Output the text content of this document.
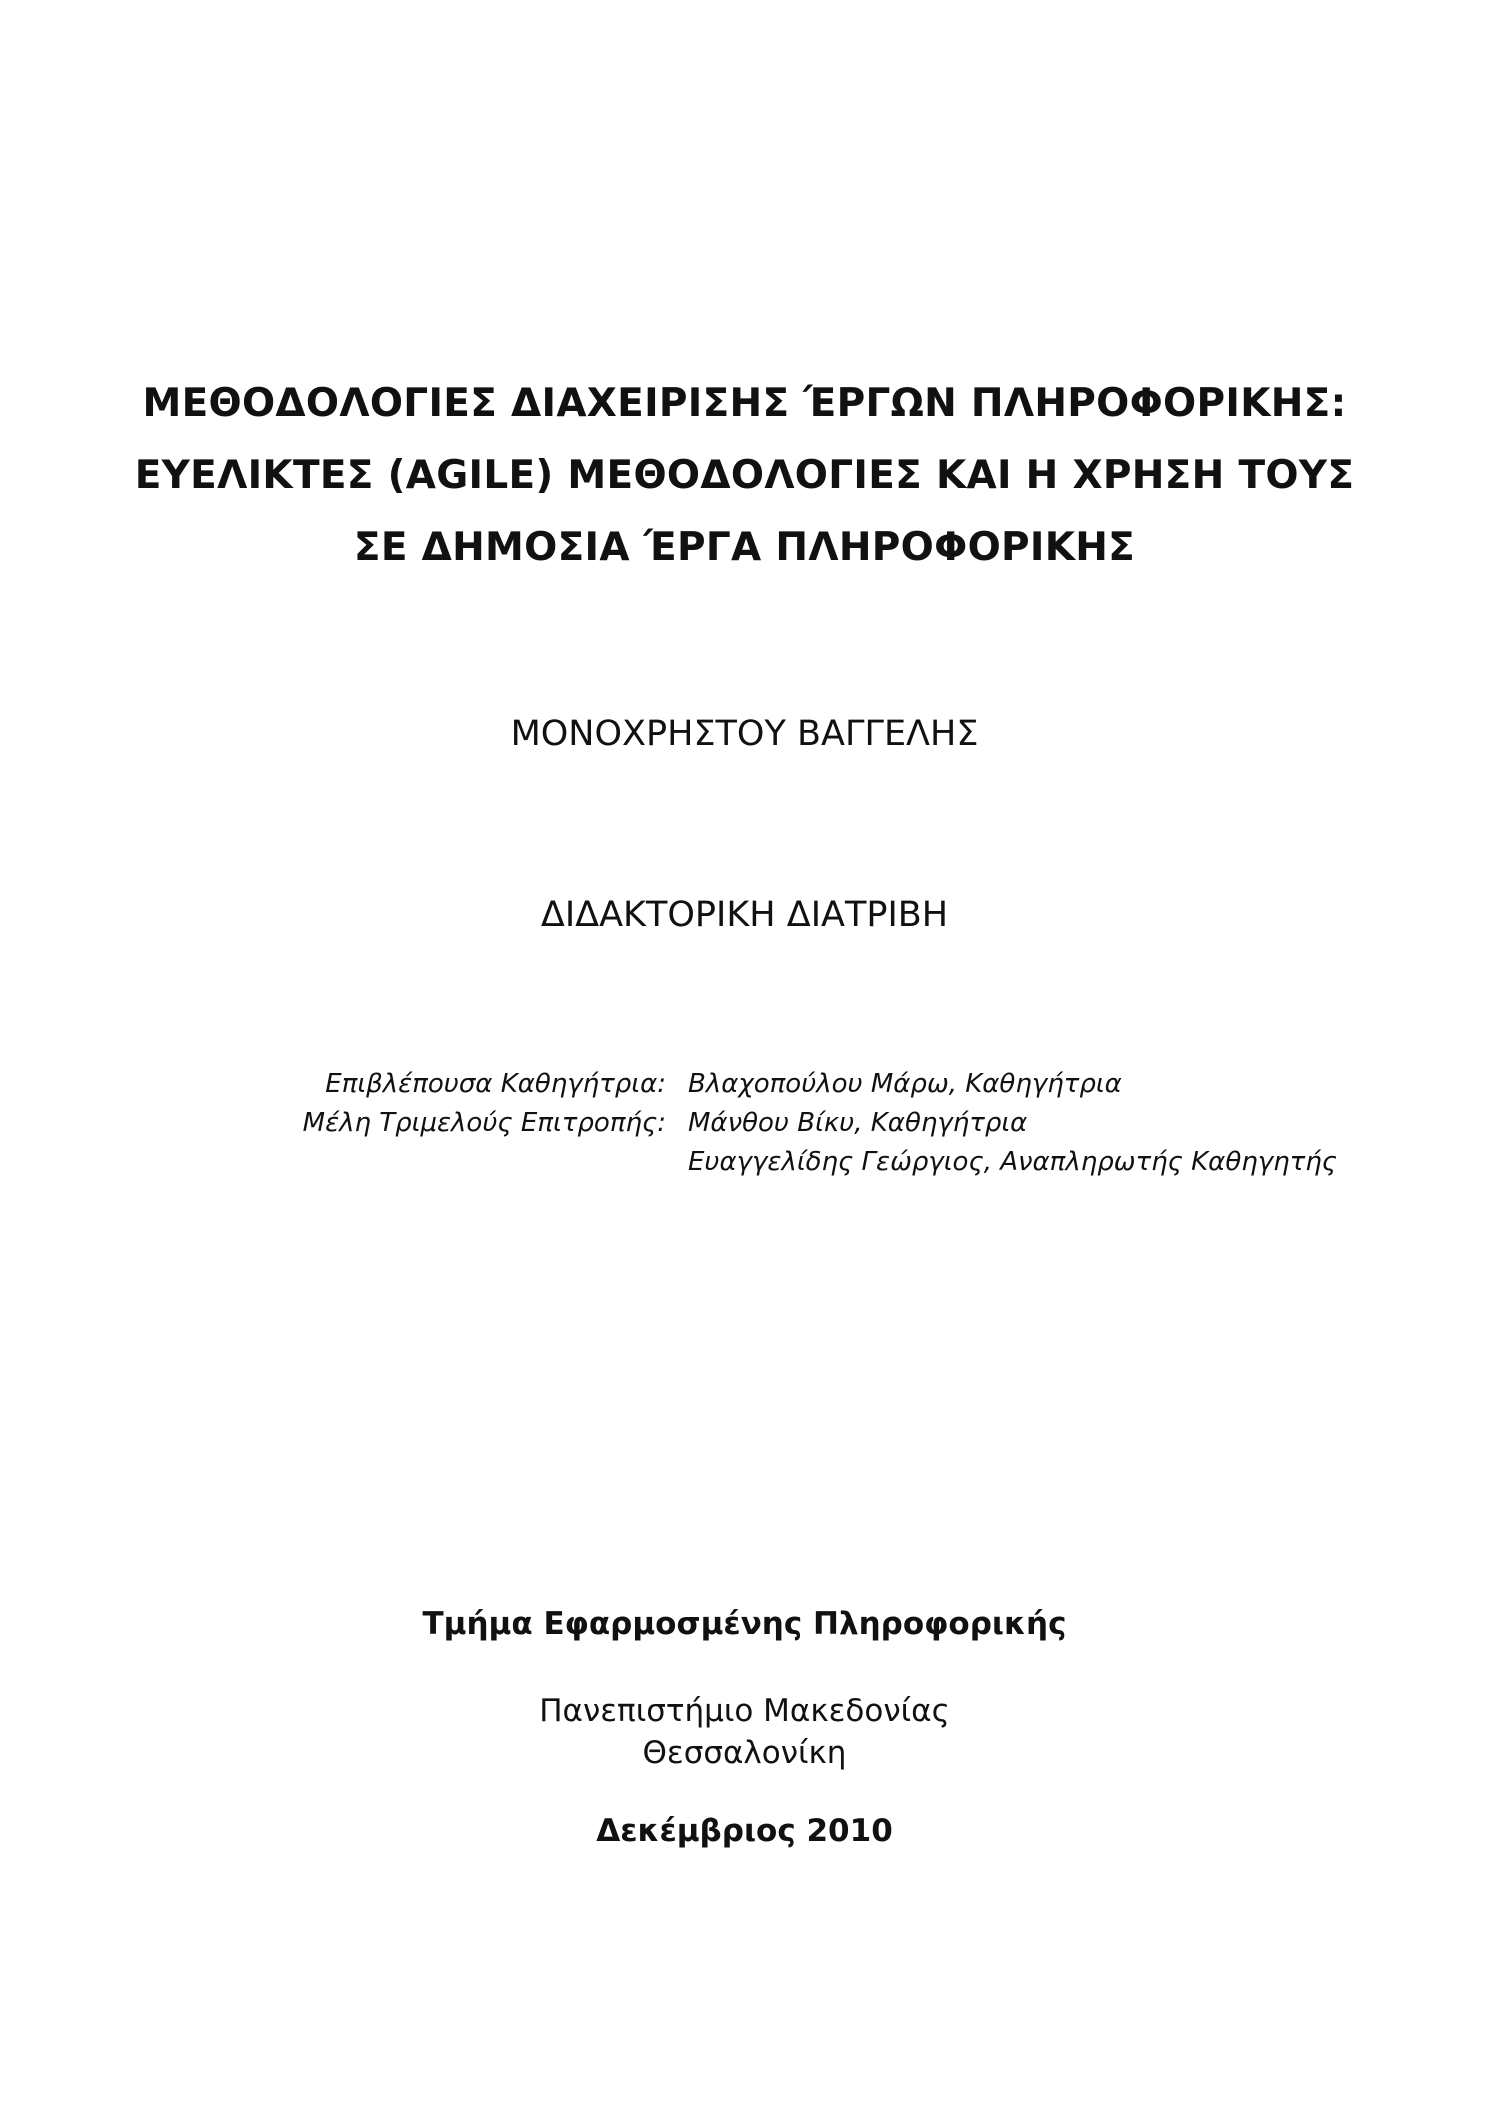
ΜΕΘΟΔΟΛΟΓΙΕΣ ΔΙΑΧΕΙΡΙΣΗΣ ΈΡΓΩΝ ΠΛΗΡΟΦΟΡΙΚΗΣ:
ΕΥΕΛΙΚΤΕΣ (AGILE) ΜΕΘΟΔΟΛΟΓΙΕΣ ΚΑΙ Η ΧΡΗΣΗ ΤΟΥΣ
ΣΕ ΔΗΜΟΣΙΑ ΈΡΓΑ ΠΛΗΡΟΦΟΡΙΚΗΣ
ΜΟΝΟΧΡΗΣΤΟΥ ΒΑΓΓΕΛΗΣ
ΔΙΔΑΚΤΟΡΙΚΗ ΔΙΑΤΡΙΒΗ
Επιβλέπουσα Καθηγήτρια: Βλαχοπούλου Μάρω, Καθηγήτρια
Μέλη Τριμελούς Επιτροπής: Μάνθου Βίκυ, Καθηγήτρια
Ευαγγελίδης Γεώργιος, Αναπληρωτής Καθηγητής
Τμήμα Εφαρμοσμένης Πληροφορικής
Πανεπιστήμιο Μακεδονίας
Θεσσαλονίκη
Δεκέμβριος 2010
